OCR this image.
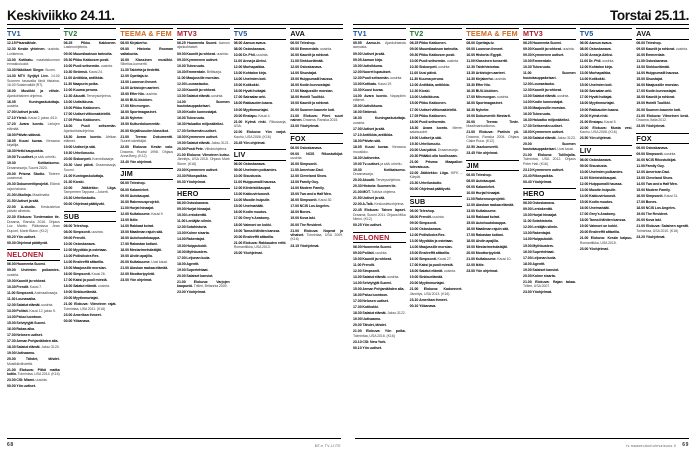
Keskiviikko 24.11.
TV1
12.15 Pisaralähde.
12.30 Kesän yhteinen. uusinta. Lorikierros.
13.00 Kotikatu. maalaiskunnan ennakkoluulot.
13.30 Näkökari: Singer. Suomi.
14.30 MTV Syrjäyt Live. 14.00 Suomen tasavalta tänä tiistaina, 16.00 Sotainvalidit (R7).
16.00 Musiikki ja viihde. Ajankohtainen ohjelma.
16.35	Kuningaskuluttaja. uusinta.
17.00 Uutiset ja sää.
17.10 Yleisö. Kausi 2, jakso 4/10.
17.20 Avara luonto. Lintujen elämää.
18.00 Päivän säässä.
18.05 Kuusi kuvaa. Vieraana kirjailija.
18.30 Hetki kaupunkia.
19.00 Tv-uutiset. ja sää, urheilu.
19.30	Kotikatsomo. Draamasarja, Suomi 2020.
20.00 Prisma Studio. Tieteen uusimmat.
20.30 Dokumenttiprojekti. Elämä rajan takana.
21.00 Ulkolinja. Maailmalta.
21.50 Uutiset ja sää.
22.00 A-studio. Keskustelua päivän aiheista.
22.30 Elokuva: Tuntematon tie. Draama, Ranska 2016. Ohjaus Luc Martin. Pääosissa Jean Dupont, Marie Blanc. (K12)
00.20 Yön uutiset.
00.30 Ohjelmat päättyvät.
NELONEN
06.00 Huomenta Suomi.
09.00 Unelmien poikamies. uusinta.
10.00 Kauniit ja rohkeat.
10.30 Frendit. Kausi 7.
11.00 Simpsonit. Animaatiosarja.
11.30 Lounasaika.
12.00 Salatut elämät. uusinta.
13.00 Poliisit. Kausi 12, jakso 5.
14.00 Paluu luontoon.
15.00 Selviytyjät Suomi.
16.00 Rakas aika.
17.00 Nelosen uutiset.
17.30 Arman Pohjantähden alla.
18.30 Salatut elämät. Jakso 3120.
19.00 Uutisaamu.
20.00	Tähdet, tähdet. Musiikkiviihdettä.
21.00 Elokuva: Pitkä matka kotiin. Toimintaa, USA 2014. (K16)
23.00 CSI: Miami. uusinta.
00.00 Yön uutiset.
TV2
06.25 Pikku Kakkonen. Lastenohjelmia.
09.00 Muumilaakson tarinoita.
09.30 Pikku Kakkosen posti.
10.00 Puoli seitsemän. uusinta.
10.30 Strömsö. Kausi 24.
11.00 Antiikkia, antiikkia.
11.30 Naapurin poika.
12.00 Kuuma peruna.
12.30 Akuutti. Terveysohjelma.
13.00 Uutisikkuna.
15.00 Pikku Kakkonen.
17.00 Uutiset viittomakielellä.
17.05 Pikku Kakkonen.
18.00	Puoli seitsemän. Ajankohtaisohjelma.
18.30 Avara luonto. Afrikan eläimet.
19.00 Uutiset ja sää.
19.30 Urheiluruutu.
20.00 Siskonpeti. Komediasarja.
20.30 Uusi päivä. Draamasarja, Suomi.
21.00 Kuningaskuluttaja.
21.30 Kioski.
22.00 Jääkiekko: Liiga. Tampereen Tappara – Jokerit.
23.30 Urheilustudio.
00.00 Ohjelmat päättyvät.
SUB
06.00 Teleshop.
08.00 Simpsonit. uusinta.
09.00 Frendit.
10.00 Ostoskanava.
12.00 Myydään ja ostetaan.
13.00 Poliisikoira Rex.
14.00 Ensitreffit alttarilla.
15.00 Maajussille morsian.
16.00 Simpsonit. Kausi 26.
17.00 Kaksi ja puoli miestä.
18.00 Salatut elämät. uusinta.
19.00 Sinkkuelämää.
20.00 Myytinmurtajat.
21.00 Elokuva: Viimeinen rajat. Toimintaa, USA 2011. (K16)
23.00 Amerikan ihmeet.
00.00 Yökanava.
TEEMA & FEM
08.00 Kirjakerho.
09.00 Historia: Rooman valtakunta.
10.00 Klassinen musiikki. Sibelius-konsertti.
11.30 Taidetta ja tiedettä.
12.00 Opettaja-tv.
13.00 Luonnon ihmeet.
14.00 Arkistojen aarteet.
15.00 Efter Nio. uusinta.
16.00 BUU-klubben.
17.00 Min morgon.
18.00 Sportmagasinet.
18.30 Nyheter.
19.00 Kulturdokumentär.
20.00 Kirjallisuuden klassikot.
21.00 Teema: Dokumentti. Suuret säveltäjät.
22.00 Elokuva: Kesän valo. Draama, Ruotsi 1998. Ohjaus Anna Berg. (K12)
23.40 Yön ohjelmat.
JIM
06.00 Teleshop.
08.00 Kalamiehet.
09.00 Autokaupat.
10.00 Rakennusprojekti.
11.00 Hurjat hinaajat.
12.00 Kultakuume. Kausi 9.
13.00 Ikitie.
14.00 Rakkaat koirat.
15.00 Maailman rajuin sää.
16.00 Autohuutokauppa.
17.00 Rakastan kotiani.
18.00 Mestarimetsästäjät.
19.00 Ahdin apajilla.
20.00 Kultakuume. Uusi kausi.
21.00 Alaskan raakaa elämää.
22.00 Moottoripyörät.
23.00 Yön ohjelmat.
MTV3
06.25 Huomenta Suomi. Aamun ajankohtaiset.
09.00 Kauniit ja rohkeat. uusinta.
09.30 Kymmenen uutiset.
10.00 Tulosruutu.
10.30 Emmerdale. Brittisarja.
11.00 Maajussille morsian.
12.00 Lounastauko.
12.30 Kauniit ja rohkeat.
13.00 Salatut elämät. uusinta.
14.00	Suomen huutokauppakeisari.
15.00 Kodin kunnostajat.
16.00 Tulosruutu.
16.30 Haluatko miljonääriksi.
17.30 Seitsemän uutiset.
18.00 Kymmenen uutiset.
19.00 Salatut elämät. Jakso 3121.
20.00 Posti Pete. Viihdeohjelma.
21.00 Elokuva: Viimeinen kutsu. Jännitys, USA 2018. Ohjaus Mark Stone. (K16)
23.00 Kymmenen uutiset.
23.30 Rikospaikka.
00.30 Yöohjelmat.
HERO
06.00 Ostoskanava.
09.00 Hurjat hinaajat.
10.00 Lentokenttä.
11.00 Lentäjän silmin.
12.00 Sotahistoria.
13.00 Kolme sisarta.
14.00 Rakentajat.
15.00 Huippukokit.
16.00 Mythbusters.
17.00 Leijonan luola.
18.00 Agentit.
19.00 Supertehtaat.
20.00 Salaiset kansiot.
21.00 Elokuva: Varjojen kaupunki. Trilleri, Britannia 2009.
23.00 Yöohjelmat.
TV5
06.00 Aamun avaus.
08.00 Ostoskanava.
10.00 Dr. Phil. uusinta.
11.00 Anna ja Aleksi.
12.00 Murhapaikka.
13.00 Kohtalon kirja.
14.00 Unelmien koti.
15.00 Kotikokki.
16.00 Hyvät hoitajat.
17.00 Sairaalan arki.
18.00 Rakkauden kaava.
19.00 Myytinmurtajat.
20.00 Ensiapu. Kausi 4.
21.00 Kylmä rinki. Rikossarja, USA.
22.00 Elokuva: Yön varjot. Kauhu, USA 2006. (K16)
23.45 Yön ohjelmat.
LIV
06.00 Ostoskanava.
09.00 Unelmien poikamies.
10.00 Sisustusta.
11.00 Huippumalli haussa.
12.00 Kiinteistökaupat.
13.00 Kakkuvirtuoosit.
14.00 Muodin huipulle.
15.00 Unelmahäät.
16.00 Kodin muutos.
17.00 Grey's Anatomy.
18.00 Vaimoni on kokki.
19.00 Tanssii tähtien kanssa.
20.00 Ensitreffit alttarilla.
21.00 Elokuva: Rakkauden reitti. Romantiikka, USA 2013.
23.00 Yöohjelmat.
AVA
06.00 Teleshop.
09.00 Emmerdale. uusinta.
10.00 Kauniit ja rohkeat.
11.00 Sinkkuelämää.
12.00 Ostoskanava.
14.00 Sisustajat.
15.00 Huippumalli haussa.
16.00 Kodin kunnostajat.
17.00 Maajussille morsian.
18.00 Hotelli Tuulikki.
19.00 Kauniit ja rohkeat.
20.00 Suomen kaunein koti.
21.00 Elokuva: Pieni suuri nainen. Draama, Ranska 2015.
23.00 Yöohjelmat.
FOX
06.00 Ostoskanava.
09.00 NCIS Rikostutkijat. uusinta.
10.00 Simpsonit.
11.00 American Dad.
12.00 Cleveland Show.
13.00 Family Guy.
14.00 Modern Family.
15.00 Two and a Half Men.
16.00 Simpsonit. Kausi 30.
17.00 NCIS Los Angeles.
18.00 Bones.
19.00 Kova laki.
20.00 The Resident.
21.00 Elokuva: Nopeat ja vihaiset. Toimintaa, USA 2009. (K16)
23.15 Yöohjelmat.
68	MT:n TV-LIITE
Torstai 25.11.
TV1
05.55 Aamu-tv. Ajankohtaista aamusta.
09.00 Uutiset ja sää.
09.05 Aamun kirja.
10.00 Uutisikkuna.
12.00 Nuoret lupaukset.
12.30 Puoli seitsemän. uusinta.
13.00 Kotikatu. Kausi 19.
13.30 Kuusi kuvaa.
14.00 Avara luonto. Napapiirin eläimet.
15.00 Uutisikkuna.
16.00 Strömsö.
16.30	Kuningaskuluttaja. uusinta.
17.00 Uutiset ja sää.
17.10 Antiikkia, antiikkia.
18.00 Päivän sää.
18.05 Kuusi kuvaa. Vieraana muusikko.
18.30 Uutisextra.
19.00 Tv-uutiset. ja sää, urheilu.
19.30	Kotikatsomo. Draamasarja.
20.00 Akuutti. Terveysohjelma.
20.30 Historia: Suomen tie.
21.00 MOT. Tutkiva ohjelma.
21.50 Uutiset ja sää.
22.00 A-Talk. Keskusteluohjelma.
22.45 Elokuva: Talven lapset. Draama, Suomi 2011. Ohjaus Mika Niemi. (K12)
00.25 Yön uutiset.
NELONEN
06.00 Huomenta Suomi.
09.00 Poliisit. uusinta.
10.00 Kauniit ja rohkeat.
11.00 Frendit.
12.00 Simpsonit.
13.00 Salatut elämät. uusinta.
14.00 Selviytyjät Suomi.
15.00 Arman Pohjantähden alla.
16.00 Paluu luontoon.
17.00 Nelosen uutiset.
17.30 Kotikokki.
18.30 Salatut elämät. Jakso 3122.
19.00 Uutisaamu.
20.00 Tähdet, tähdet.
21.00 Elokuva: Yön poika. Toimintaa, USA 2016. (K16)
23.10 CSI: New York.
00.10 Yön uutiset.
TV2
06.25 Pikku Kakkonen.
09.00 Muumilaakson tarinoita.
09.30 Pikku Kakkosen posti.
10.00 Puoli seitsemän. uusinta.
10.30 Siskonpeti. uusinta.
11.00 Uusi päivä.
11.30 Kuuma peruna.
12.00 Antiikkia, antiikkia.
12.30 Kioski.
13.00 Uutisikkuna.
15.00 Pikku Kakkonen.
17.00 Uutiset viittomakielellä.
17.05 Pikku Kakkonen.
18.00 Puoli seitsemän.
18.30 Avara luonto. Meren salaisuudet.
19.00 Uutiset ja sää.
19.30 Urheiluruutu.
20.00 Uusi päivä. Draamasarja.
20.30 Pitääkö olla huolissaan.
21.00 Prisma: Maapallon tulevaisuus.
22.00 Jääkiekko: Liiga. HIFK – Kärpät.
23.30 Urheilustudio.
00.00 Ohjelmat päättyvät.
SUB
06.00 Teleshop.
08.00 Frendit. uusinta.
09.00 Simpsonit.
10.00 Ostoskanava.
12.00 Poliisikoira Rex.
13.00 Myydään ja ostetaan.
14.00 Maajussille morsian.
15.00 Ensitreffit alttarilla.
16.00 Simpsonit. Kausi 27.
17.00 Kaksi ja puoli miestä.
18.00 Salatut elämät. uusinta.
19.00 Sinkkuelämää.
20.00 Myytinmurtajat.
21.00 Elokuva: Kadonneet. Jännitys, USA 2013. (K16)
23.10 Amerikan ihmeet.
00.10 Yökanava.
TEEMA & FEM
08.00 Opettaja-tv.
09.00 Luonnon ihmeet.
10.00 Historia: Egypti.
11.00 Klassinen konsertti.
12.30 Taidehistoriaa.
13.30 Arkistojen aarteet.
14.30 Kirjakerho. uusinta.
15.30 Efter Nio.
16.30 BUU-klubben.
17.00 Min morgon. uusinta.
18.00 Sportmagasinet.
18.30 Nyheter.
19.00 Dokumentti: Mestarit.
20.00	Teema: Tiede. Maailmankaikkeus.
21.00 Elokuva: Pariisin yö. Draama, Ranska 2004. Ohjaus Claire Roux. (K12)
22.50 Jazzkonsertti.
23.45 Yön ohjelmat.
JIM
06.00 Teleshop.
08.00 Autokaupat.
09.00 Kalamiehet.
10.00 Hurjat hinaajat.
11.00 Rakennusprojekti.
12.00 Alaskan raakaa elämää.
13.00 Kultakuume.
14.00 Rakkaat koirat.
15.00 Autohuutokauppa.
16.00 Maailman rajuin sää.
17.00 Rakastan kotiani.
18.00 Ahdin apajilla.
19.00 Mestarimetsästäjät.
20.00 Moottoripyörät.
21.00 Kultakuume. Kausi 10.
22.00 Ikitie.
23.00 Yön ohjelmat.
MTV3
06.25 Huomenta Suomi.
09.00 Kauniit ja rohkeat. uusinta.
09.30 Kymmenen uutiset.
10.00 Emmerdale.
10.30 Tulosruutu.
11.00	Suomen huutokauppakeisari.
12.00 Lounastauko.
12.30 Kauniit ja rohkeat.
13.00 Salatut elämät. uusinta.
14.00 Kodin kunnostajat.
15.00 Maajussille morsian.
16.00 Tulosruutu.
16.30 Haluatko miljonääriksi.
17.30 Seitsemän uutiset.
18.00 Kymmenen uutiset.
19.00 Salatut elämät. Jakso 3123.
20.00	Suomen huutokauppakeisari. Uusi kausi.
21.00 Elokuva: Tulilinjalla. Toimintaa, USA 2012. Ohjaus Peter Hall. (K16)
23.10 Kymmenen uutiset.
23.40 Rikospaikka.
00.40 Yöohjelmat.
HERO
06.00 Ostoskanava.
09.00 Lentokenttä.
10.00 Hurjat hinaajat.
11.00 Sotahistoria.
12.00 Lentäjän silmin.
13.00 Rakentajat.
14.00 Huippukokit.
15.00 Mythbusters.
16.00 Supertehtaat.
17.00 Leijonan luola.
18.00 Agentit.
19.00 Salaiset kansiot.
20.00 Kolme sisarta.
21.00 Elokuva: Rajan takaa. Trilleri, USA 2007.
23.00 Yöohjelmat.
TV5
06.00 Aamun avaus.
08.00 Ostoskanava.
10.00 Anna ja Aleksi.
11.00 Dr. Phil. uusinta.
12.00 Kohtalon kirja.
13.00 Murhapaikka.
14.00 Kotikokki.
15.00 Unelmien koti.
16.00 Sairaalan arki.
17.00 Hyvät hoitajat.
18.00 Myytinmurtajat.
19.00 Rakkauden kaava.
20.00 Kylmä rinki.
21.00 Ensiapu. Kausi 5.
22.00 Elokuva: Musta vesi. Kauhu, USA 2008. (K16)
23.50 Yön ohjelmat.
LIV
06.00 Ostoskanava.
09.00 Sisustusta.
10.00 Unelmien poikamies.
11.00 Kiinteistökaupat.
12.00 Huippumalli haussa.
13.00 Muodin huipulle.
14.00 Kakkuvirtuoosit.
15.00 Kodin muutos.
16.00 Unelmahäät.
17.00 Grey's Anatomy.
18.00 Tanssii tähtien kanssa.
19.00 Vaimoni on kokki.
20.00 Ensitreffit alttarilla.
21.00 Elokuva: Kesän kaipuu. Romantiikka, USA 2015.
23.00 Yöohjelmat.
AVA
06.00 Teleshop.
09.00 Kauniit ja rohkeat. uusinta.
10.00 Emmerdale.
11.00 Ostoskanava.
13.00 Sinkkuelämää.
14.00 Huippumalli haussa.
15.00 Sisustajat.
16.00 Maajussille morsian.
17.00 Kodin kunnostajat.
18.00 Kauniit ja rohkeat.
19.00 Hotelli Tuulikki.
20.00 Suomen kaunein koti.
21.00 Elokuva: Viimeinen kesä. Draama, Italia 2012.
23.00 Yöohjelmat.
FOX
06.00 Ostoskanava.
09.00 Simpsonit. uusinta.
10.00 NCIS Rikostutkijat.
11.00 Family Guy.
12.00 American Dad.
13.00 Cleveland Show.
14.00 Two and a Half Men.
15.00 Modern Family.
16.00 Simpsonit. Kausi 31.
17.00 Bones.
18.00 NCIS Los Angeles.
19.00 The Resident.
20.00 Kova laki.
21.00 Elokuva: Salainen agentti. Toimintaa, USA 2010. (K16)
23.20 Yöohjelmat.
tv.maaseuduntulevaisuus.fi 69
